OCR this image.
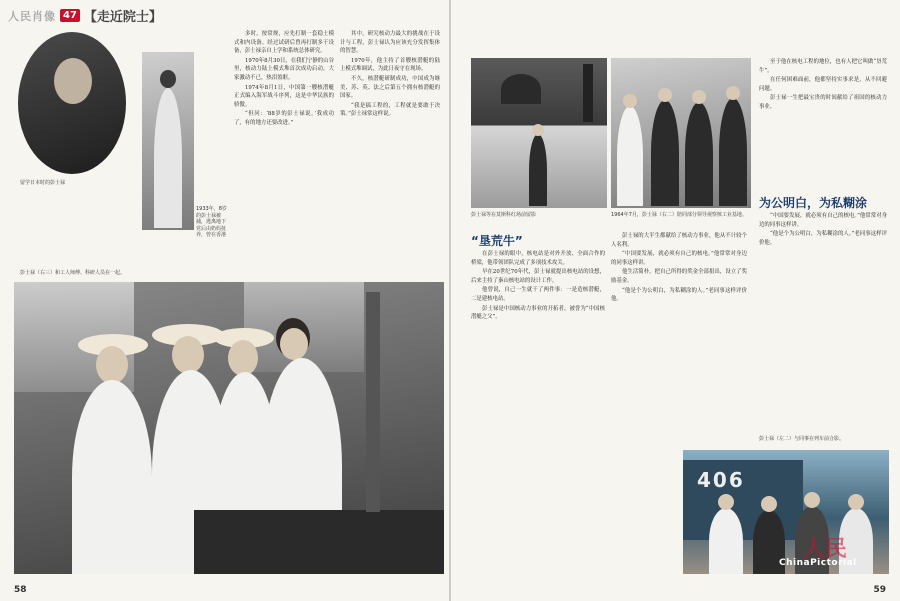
人民肖像 47 【走近院士】
留学日本时的彭士禄
1933年，8岁的彭士禄被捕，逃离地下党后由奶妈抚养，曾在香港

多时，按常规，应先打制一套稳土模式和内设备。经过试研后曾再打制多干设备，彭士禄亲自上学和系统总体研究。

1970年8月30日，在我们宁静的山谷里，核动力陆上模式堆首次成功启动，大家激动不已，热泪盈眶。

1974年8月1日，中国第一艘核潜艇正式编入海军战斗序列，这是中华民族的骄傲。

“但问：‘88岁的彭士禄说。’我成功了，有的地方还要改进。”

其中，研究核动力最大的挑战在于设计与工程，彭士禄认为应该充分发挥集体的智慧。

1970年，他主持了首艘核潜艇的陆上模式堆调试，为此日夜守在现场。

不久，核潜艇研制成功，中国成为继美、苏、英、法之后第五个拥有核潜艇的国家。

“我是搞工程的，工程就是要敢于决策。”彭士禄常这样说。

彭士禄（右三）和工人师傅、科研人员在一起。
58
彭士禄等在莫斯科红场前留影	1964年7月，彭士禄（右二）陪同部分领导视察核工业基地。

至于他在核电工程的地位，也有人把它叫做“垦荒牛”。

在任何困难面前，他都坚持实事求是，从不回避问题。

彭士禄一生把最宝贵的时间献给了祖国的核动力事业。

为公明白，为私糊涂
“垦荒牛”

在彭士禄的眼中，核电站是对外开放、全面合作的桥梁，他带领团队完成了多项技术攻关。

早在20世纪70年代，彭士禄就提出核电站的设想，后来主持了秦山核电站的设计工作。

他曾说，自己一生就干了两件事：一是造核潜艇，二是建核电站。

彭士禄是中国核动力事业的开拓者，被誉为“中国核潜艇之父”。

彭士禄的大半生都献给了核动力事业，他从不计较个人名利。

“中国要发展，就必须有自己的核电。”他常常对身边的同事这样讲。

他生活简朴，把自己所得的奖金全部捐出，设立了奖励基金。

“他是个为公明白，为私糊涂的人。”老同事这样评价他。

“中国要发展，就必须有自己的核电。”他常常对身边的同事这样讲。

“他是个为公明白，为私糊涂的人。”老同事这样评价他。

彭士禄（左二）与同事在列车前合影。
406
人民
ChinaPictorial
59
